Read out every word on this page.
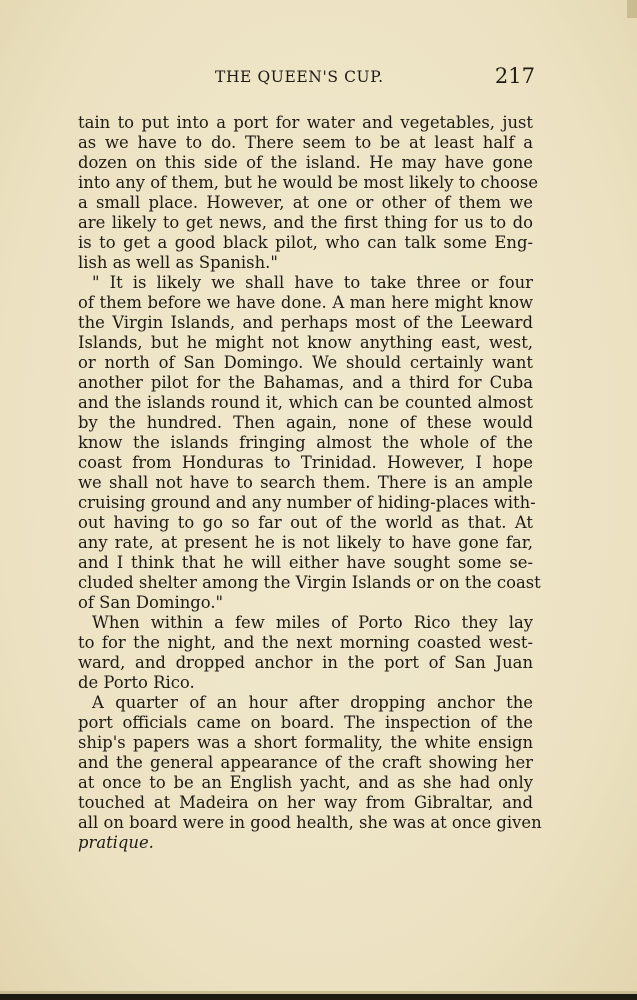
THE QUEEN'S CUP.	217
tain to put into a port for water and vegetables, just
as we have to do. There seem to be at least half a
dozen on this side of the island. He may have gone
into any of them, but he would be most likely to choose
a small place. However, at one or other of them we
are likely to get news, and the first thing for us to do
is to get a good black pilot, who can talk some Eng-
lish as well as Spanish."
" It is likely we shall have to take three or four
of them before we have done. A man here might know
the Virgin Islands, and perhaps most of the Leeward
Islands, but he might not know anything east, west,
or north of San Domingo. We should certainly want
another pilot for the Bahamas, and a third for Cuba
and the islands round it, which can be counted almost
by the hundred. Then again, none of these would
know the islands fringing almost the whole of the
coast from Honduras to Trinidad. However, I hope
we shall not have to search them. There is an ample
cruising ground and any number of hiding-places with-
out having to go so far out of the world as that. At
any rate, at present he is not likely to have gone far,
and I think that he will either have sought some se-
cluded shelter among the Virgin Islands or on the coast
of San Domingo."
When within a few miles of Porto Rico they lay
to for the night, and the next morning coasted west-
ward, and dropped anchor in the port of San Juan
de Porto Rico.
A quarter of an hour after dropping anchor the
port officials came on board. The inspection of the
ship's papers was a short formality, the white ensign
and the general appearance of the craft showing her
at once to be an English yacht, and as she had only
touched at Madeira on her way from Gibraltar, and
all on board were in good health, she was at once given
pratique.
